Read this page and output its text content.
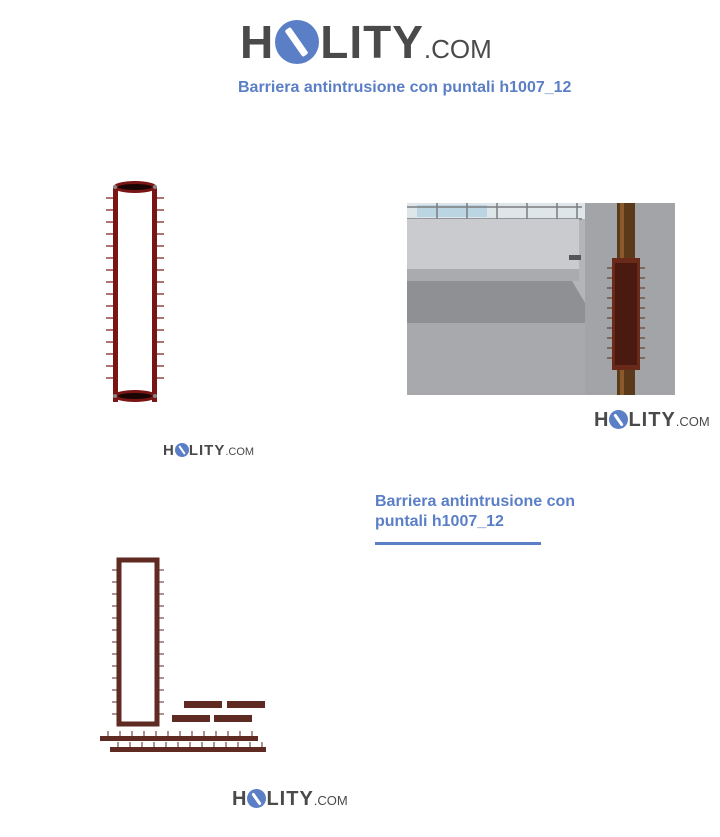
H LITY .COM
Barriera antintrusione con puntali h1007_12
H LITY .COM
H LITY .COM
Barriera antintrusione con puntali h1007_12
H LITY .COM
